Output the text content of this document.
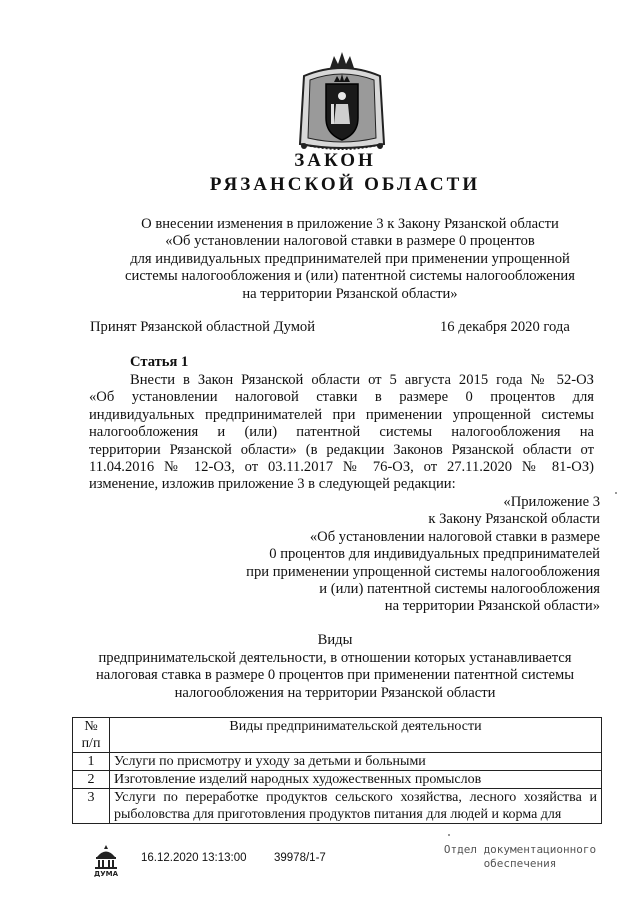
ЗАКОН
РЯЗАНСКОЙ ОБЛАСТИ
О внесении изменения в приложение 3 к Закону Рязанской области
«Об установлении налоговой ставки в размере 0 процентов
для индивидуальных предпринимателей при применении упрощенной
системы налогообложения и (или) патентной системы налогообложения
на территории Рязанской области»
Принят Рязанской областной Думой	16 декабря 2020 года
Статья 1
Внести в Закон Рязанской области от 5 августа 2015 года № 52-ОЗ
«Об установлении налоговой ставки в размере 0 процентов для
индивидуальных предпринимателей при применении упрощенной системы
налогообложения и (или) патентной системы налогообложения на
территории Рязанской области» (в редакции Законов Рязанской области от
11.04.2016 № 12-ОЗ, от 03.11.2017 № 76-ОЗ, от 27.11.2020 № 81-ОЗ)
изменение, изложив приложение 3 в следующей редакции:
«Приложение 3
к Закону Рязанской области
«Об установлении налоговой ставки в размере
0 процентов для индивидуальных предпринимателей
при применении упрощенной системы налогообложения
и (или) патентной системы налогообложения
на территории Рязанской области»
Виды
предпринимательской деятельности, в отношении которых устанавливается
налоговая ставка в размере 0 процентов при применении патентной системы
налогообложения на территории Рязанской области
№ п/п	Виды предпринимательской деятельности
1	Услуги по присмотру и уходу за детьми и больными
2	Изготовление изделий народных художественных промыслов
3	Услуги по переработке продуктов сельского хозяйства, лесного хозяйства и рыболовства для приготовления продуктов питания для людей и корма для
ДУМА
16.12.2020 13:13:00 39978/1-7
Отдел документационного
обеспечения
